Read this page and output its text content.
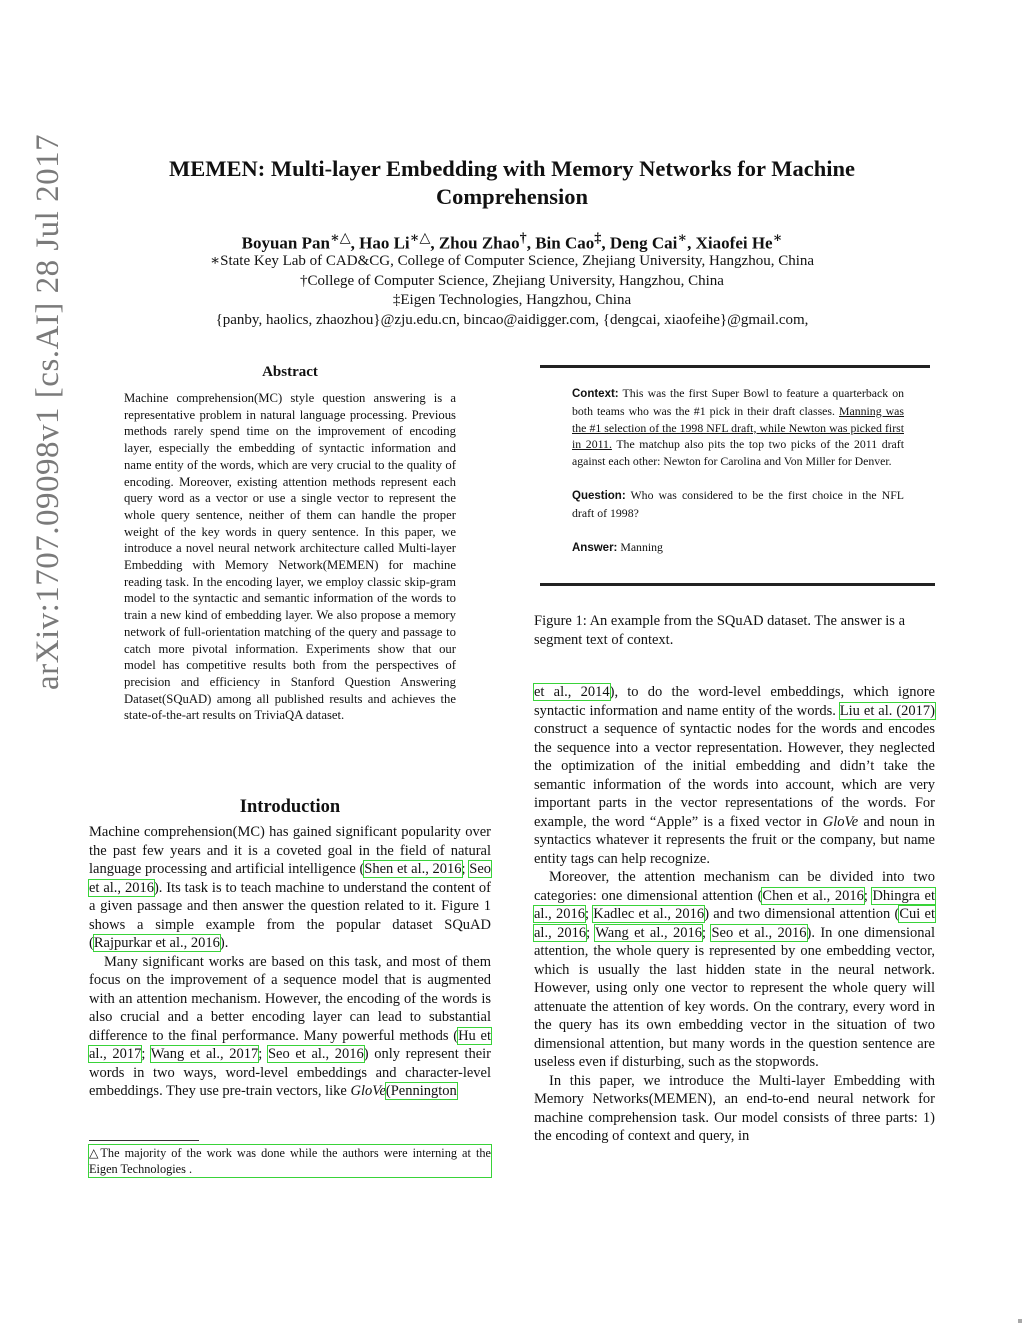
MEMEN: Multi-layer Embedding with Memory Networks for Machine Comprehension
Boyuan Pan∗△, Hao Li∗△, Zhou Zhao†, Bin Cao‡, Deng Cai∗, Xiaofei He∗
∗State Key Lab of CAD&CG, College of Computer Science, Zhejiang University, Hangzhou, China
†College of Computer Science, Zhejiang University, Hangzhou, China
‡Eigen Technologies, Hangzhou, China
{panby, haolics, zhaozhou}@zju.edu.cn, bincao@aidigger.com, {dengcai, xiaofeihe}@gmail.com,
arXiv:1707.09098v1 [cs.AI] 28 Jul 2017	Abstract
Machine comprehension(MC) style question answering is a representative problem in natural language processing. Previous methods rarely spend time on the improvement of encoding layer, especially the embedding of syntactic information and name entity of the words, which are very crucial to the quality of encoding. Moreover, existing attention methods represent each query word as a vector or use a single vector to represent the whole query sentence, neither of them can handle the proper weight of the key words in query sentence. In this paper, we introduce a novel neural network architecture called Multi-layer Embedding with Memory Network(MEMEN) for machine reading task. In the encoding layer, we employ classic skip-gram model to the syntactic and semantic information of the words to train a new kind of embedding layer. We also propose a memory network of full-orientation matching of the query and passage to catch more pivotal information. Experiments show that our model has competitive results both from the perspectives of precision and efficiency in Stanford Question Answering Dataset(SQuAD) among all published results and achieves the state-of-the-art results on TriviaQA dataset.
Introduction

Machine comprehension(MC) has gained significant popularity over the past few years and it is a coveted goal in the field of natural language processing and artificial intelligence (Shen et al., 2016; Seo et al., 2016). Its task is to teach machine to understand the content of a given passage and then answer the question related to it. Figure 1 shows a simple example from the popular dataset SQuAD (Rajpurkar et al., 2016).

Many significant works are based on this task, and most of them focus on the improvement of a sequence model that is augmented with an attention mechanism. However, the encoding of the words is also crucial and a better encoding layer can lead to substantial difference to the final performance. Many powerful methods (Hu et al., 2017; Wang et al., 2017; Seo et al., 2016) only represent their words in two ways, word-level embeddings and character-level embeddings. They use pre-train vectors, like GloVe(Pennington

△The majority of the work was done while the authors were interning at the Eigen Technologies .

Context: This was the first Super Bowl to feature a quarterback on both teams who was the #1 pick in their draft classes. Manning was the #1 selection of the 1998 NFL draft, while Newton was picked first in 2011. The matchup also pits the top two picks of the 2011 draft against each other: Newton for Carolina and Von Miller for Denver.

Question: Who was considered to be the first choice in the NFL draft of 1998?

Answer: Manning

Figure 1: An example from the SQuAD dataset. The answer is a segment text of context.

et al., 2014), to do the word-level embeddings, which ignore syntactic information and name entity of the words. Liu et al. (2017) construct a sequence of syntactic nodes for the words and encodes the sequence into a vector representation. However, they neglected the optimization of the initial embedding and didn’t take the semantic information of the words into account, which are very important parts in the vector representations of the words. For example, the word “Apple” is a fixed vector in GloVe and noun in syntactics whatever it represents the fruit or the company, but name entity tags can help recognize.

Moreover, the attention mechanism can be divided into two categories: one dimensional attention (Chen et al., 2016; Dhingra et al., 2016; Kadlec et al., 2016) and two dimensional attention (Cui et al., 2016; Wang et al., 2016; Seo et al., 2016). In one dimensional attention, the whole query is represented by one embedding vector, which is usually the last hidden state in the neural network. However, using only one vector to represent the whole query will attenuate the attention of key words. On the contrary, every word in the query has its own embedding vector in the situation of two dimensional attention, but many words in the question sentence are useless even if disturbing, such as the stopwords.

In this paper, we introduce the Multi-layer Embedding with Memory Networks(MEMEN), an end-to-end neural network for machine comprehension task. Our model consists of three parts: 1) the encoding of context and query, in
